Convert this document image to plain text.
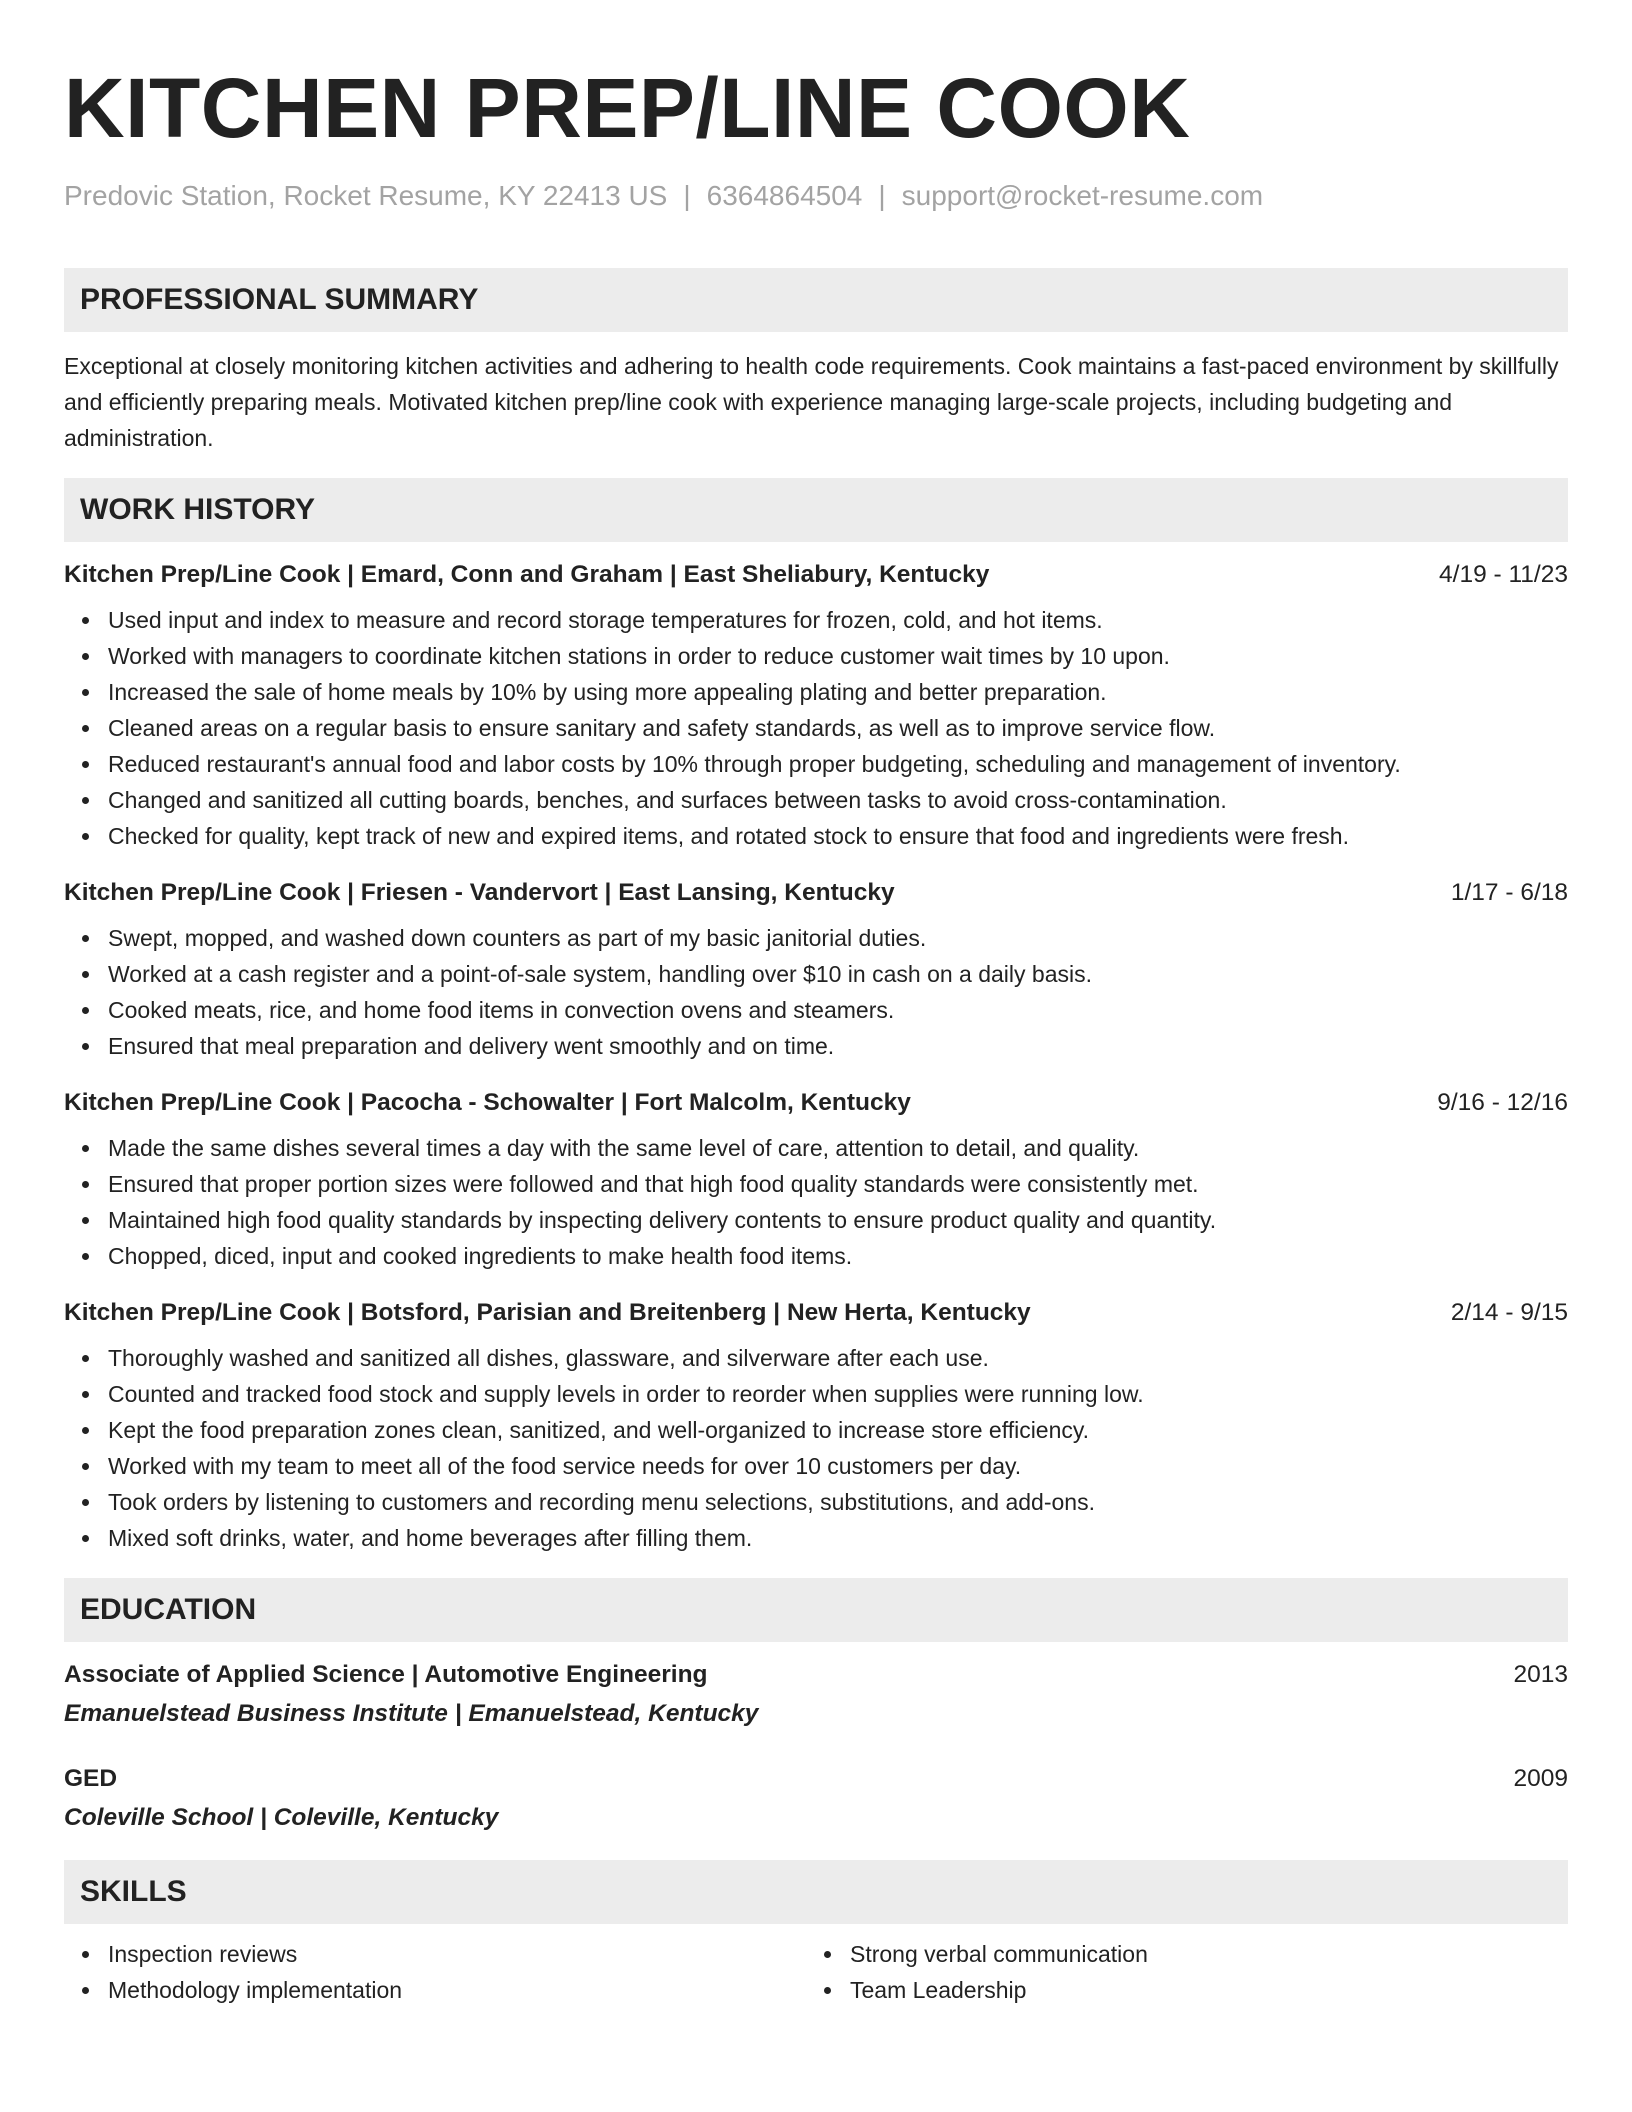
KITCHEN PREP/LINE COOK
Predovic Station, Rocket Resume, KY 22413 US | 6364864504 | support@rocket-resume.com
PROFESSIONAL SUMMARY

Exceptional at closely monitoring kitchen activities and adhering to health code requirements. Cook maintains a fast-paced environment by skillfully and efficiently preparing meals. Motivated kitchen prep/line cook with experience managing large-scale projects, including budgeting and administration.

WORK HISTORY
Kitchen Prep/Line Cook | Emard, Conn and Graham | East Sheliabury, Kentucky	4/19 - 11/23
Used input and index to measure and record storage temperatures for frozen, cold, and hot items.
Worked with managers to coordinate kitchen stations in order to reduce customer wait times by 10 upon.
Increased the sale of home meals by 10% by using more appealing plating and better preparation.
Cleaned areas on a regular basis to ensure sanitary and safety standards, as well as to improve service flow.
Reduced restaurant's annual food and labor costs by 10% through proper budgeting, scheduling and management of inventory.
Changed and sanitized all cutting boards, benches, and surfaces between tasks to avoid cross-contamination.
Checked for quality, kept track of new and expired items, and rotated stock to ensure that food and ingredients were fresh.
Kitchen Prep/Line Cook | Friesen - Vandervort | East Lansing, Kentucky	1/17 - 6/18
Swept, mopped, and washed down counters as part of my basic janitorial duties.
Worked at a cash register and a point-of-sale system, handling over $10 in cash on a daily basis.
Cooked meats, rice, and home food items in convection ovens and steamers.
Ensured that meal preparation and delivery went smoothly and on time.
Kitchen Prep/Line Cook | Pacocha - Schowalter | Fort Malcolm, Kentucky	9/16 - 12/16
Made the same dishes several times a day with the same level of care, attention to detail, and quality.
Ensured that proper portion sizes were followed and that high food quality standards were consistently met.
Maintained high food quality standards by inspecting delivery contents to ensure product quality and quantity.
Chopped, diced, input and cooked ingredients to make health food items.
Kitchen Prep/Line Cook | Botsford, Parisian and Breitenberg | New Herta, Kentucky	2/14 - 9/15
Thoroughly washed and sanitized all dishes, glassware, and silverware after each use.
Counted and tracked food stock and supply levels in order to reorder when supplies were running low.
Kept the food preparation zones clean, sanitized, and well-organized to increase store efficiency.
Worked with my team to meet all of the food service needs for over 10 customers per day.
Took orders by listening to customers and recording menu selections, substitutions, and add-ons.
Mixed soft drinks, water, and home beverages after filling them.
EDUCATION
Associate of Applied Science | Automotive Engineering	2013
Emanuelstead Business Institute | Emanuelstead, Kentucky
GED	2009
Coleville School | Coleville, Kentucky
SKILLS
Inspection reviews
Methodology implementation
Strong verbal communication
Team Leadership
